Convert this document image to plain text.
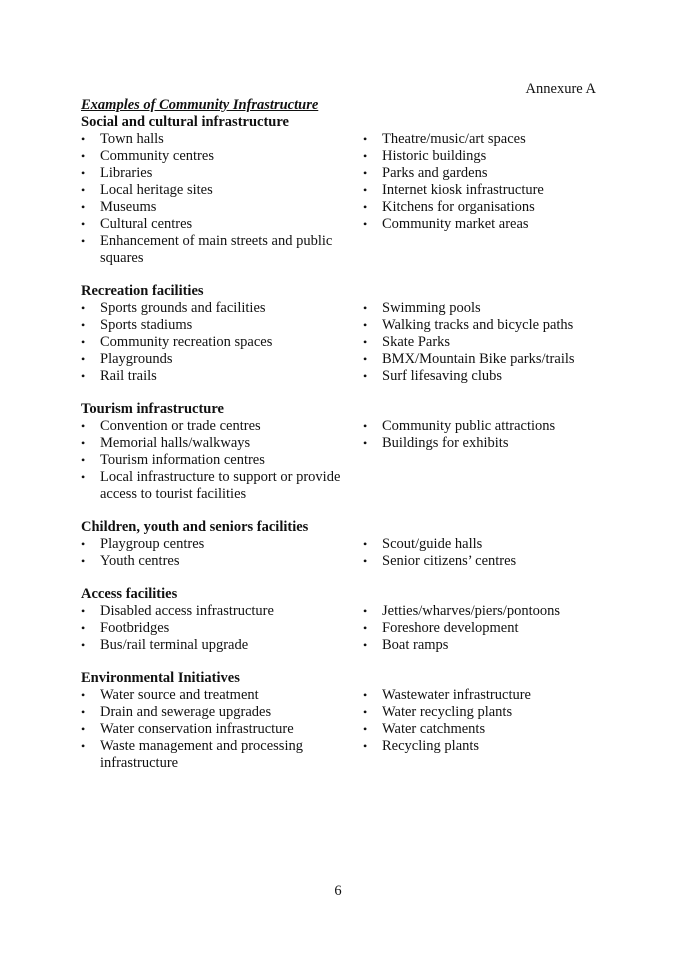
Annexure A
Examples of Community Infrastructure
Social and cultural infrastructure
• Town halls
• Community centres
• Libraries
• Local heritage sites
• Museums
• Cultural centres
• Enhancement of main streets and public squares
• Theatre/music/art spaces
• Historic buildings
• Parks and gardens
• Internet kiosk infrastructure
• Kitchens for organisations
• Community market areas
Recreation facilities
• Sports grounds and facilities
• Sports stadiums
• Community recreation spaces
• Playgrounds
• Rail trails
• Swimming pools
• Walking tracks and bicycle paths
• Skate Parks
• BMX/Mountain Bike parks/trails
• Surf lifesaving clubs
Tourism infrastructure
• Convention or trade centres
• Memorial halls/walkways
• Tourism information centres
• Local infrastructure to support or provide access to tourist facilities
• Community public attractions
• Buildings for exhibits
Children, youth and seniors facilities
• Playgroup centres
• Youth centres
• Scout/guide halls
• Senior citizens’ centres
Access facilities
• Disabled access infrastructure
• Footbridges
• Bus/rail terminal upgrade
• Jetties/wharves/piers/pontoons
• Foreshore development
• Boat ramps
Environmental Initiatives
• Water source and treatment
• Drain and sewerage upgrades
• Water conservation infrastructure
• Waste management and processing infrastructure
• Wastewater infrastructure
• Water recycling plants
• Water catchments
• Recycling plants
6
